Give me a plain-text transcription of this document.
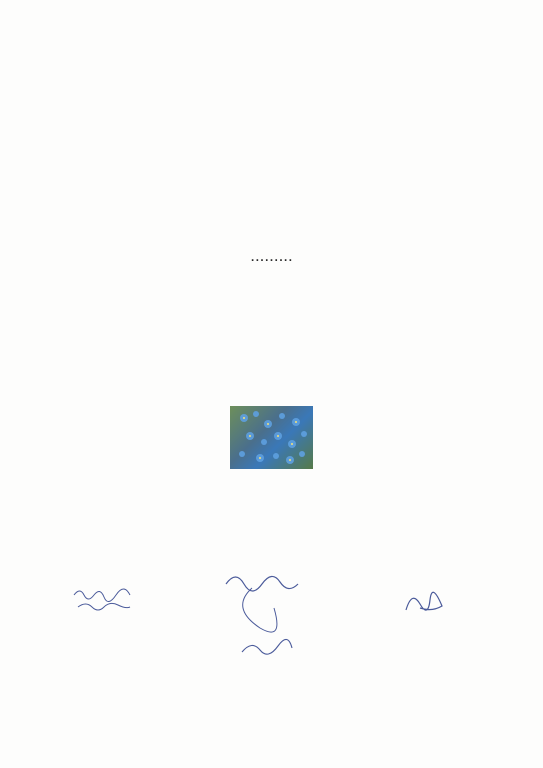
.........
